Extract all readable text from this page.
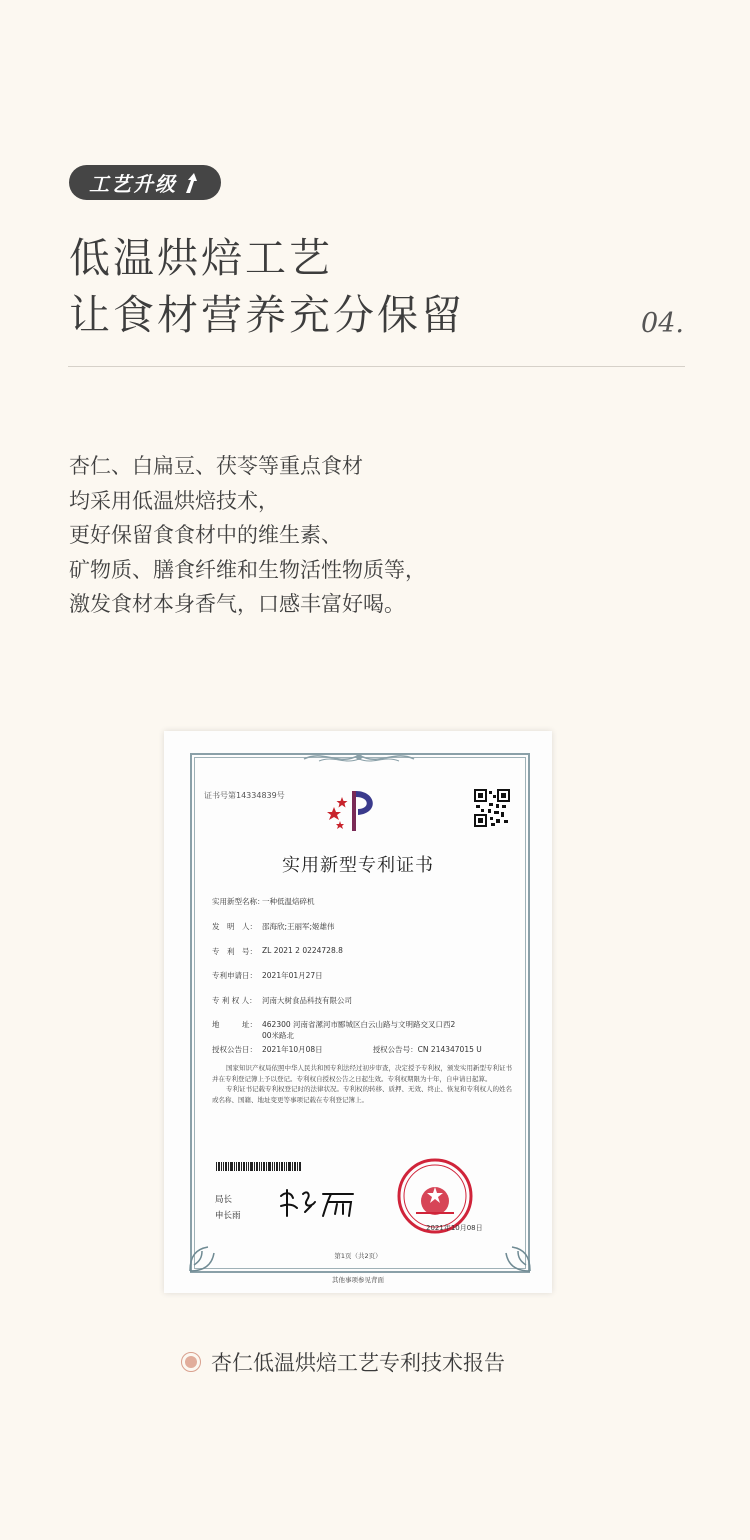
工艺升级
低温烘焙工艺
让食材营养充分保留	04.
杏仁、白扁豆、茯苓等重点食材
均采用低温烘焙技术，
更好保留食食材中的维生素、
矿物质、膳食纤维和生物活性物质等，
激发食材本身香气，口感丰富好喝。
证书号第14334839号
实用新型专利证书
实用新型名称：
一种低温焙碎机
发　明　人： 邵海欣;王丽军;姬雄伟
专　利　号： ZL 2021 2 0224728.8
专利申请日： 2021年01月27日
专 利 权 人： 河南大树食品科技有限公司
地　　　址： 462300 河南省漯河市郾城区白云山路与文明路交叉口西2
00米路北
授权公告日： 2021年10月08日	授权公告号：CN 214347015 U

国家知识产权局依照中华人民共和国专利法经过初步审查，决定授予专利权，颁发实用新型专利证书并在专利登记簿上予以登记。专利权自授权公告之日起生效。专利权期限为十年，自申请日起算。

专利证书记载专利权登记时的法律状况。专利权的转移、质押、无效、终止、恢复和专利权人的姓名或名称、国籍、地址变更等事项记载在专利登记簿上。

局长
申长雨
2021年10月08日
第1页（共2页）
其他事项参见背面
杏仁低温烘焙工艺专利技术报告
